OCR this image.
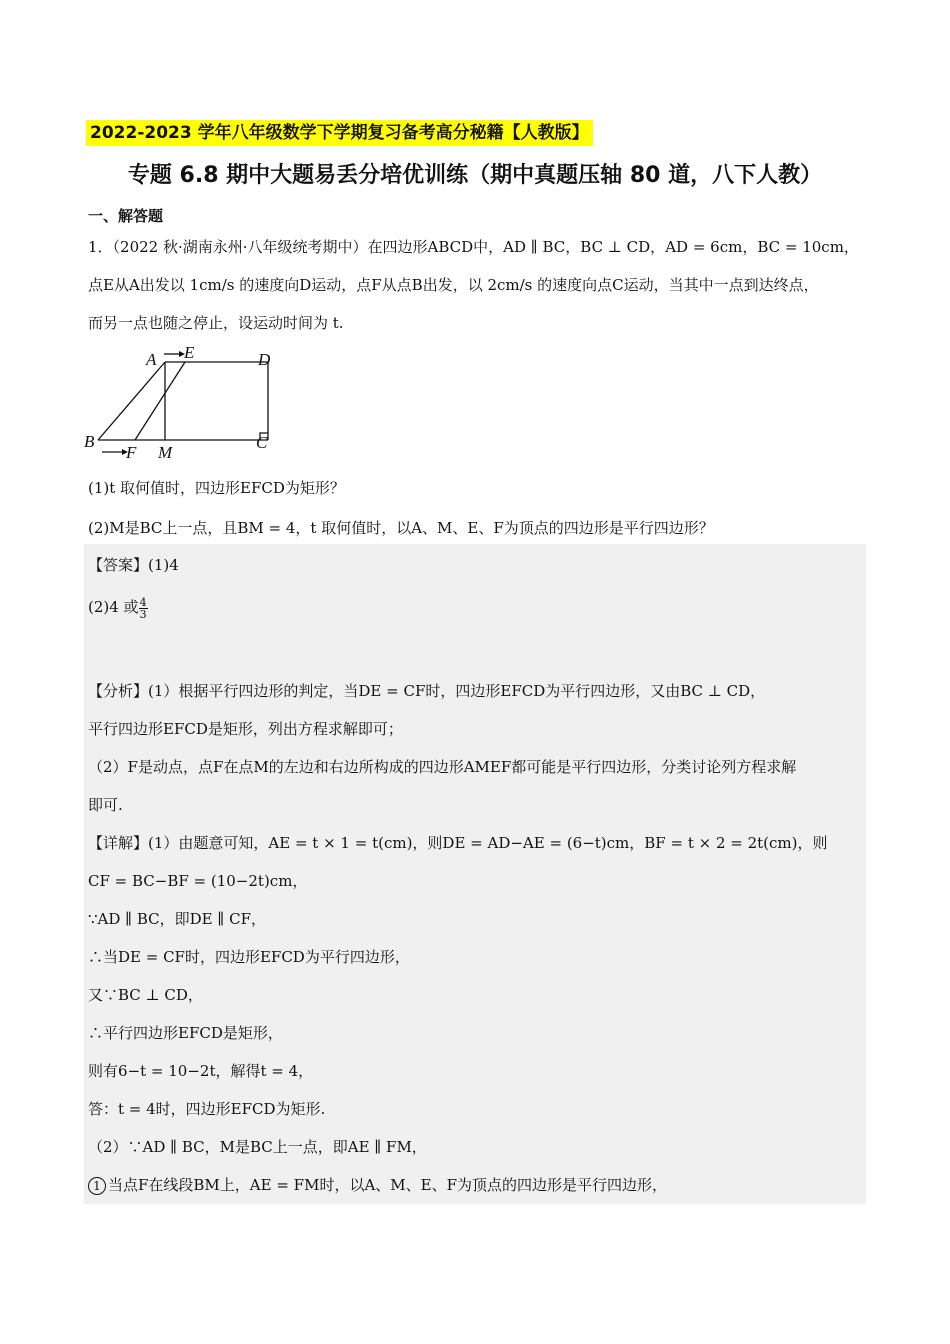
2022-2023 学年八年级数学下学期复习备考高分秘籍【人教版】
专题 6.8 期中大题易丢分培优训练（期中真题压轴 80 道，八下人教）
一、解答题
1．（2022 秋·湖南永州·八年级统考期中）在四边形ABCD中，AD ∥ BC，BC ⊥ CD，AD = 6cm，BC = 10cm，
点E从A出发以 1cm/s 的速度向D运动，点F从点B出发，以 2cm/s 的速度向点C运动，当其中一点到达终点，
而另一点也随之停止，设运动时间为 t.
A E	D
B
F M
C
(1)t 取何值时，四边形EFCD为矩形？
(2)M是BC上一点，且BM = 4，t 取何值时，以A、M、E、F为顶点的四边形是平行四边形？
【答案】(1)4
(2)4 或 $\frac{4}{3}$
【分析】(1）根据平行四边形的判定，当DE = CF时，四边形EFCD为平行四边形，又由BC ⊥ CD，
平行四边形EFCD是矩形，列出方程求解即可；
（2）F是动点，点F在点M的左边和右边所构成的四边形AMEF都可能是平行四边形，分类讨论列方程求解
即可.
【详解】(1）由题意可知，AE = t × 1 = t(cm)，则DE = AD−AE = (6−t)cm，BF = t × 2 = 2t(cm)，则
CF = BC−BF = (10−2t)cm，
∵AD ∥ BC，即DE ∥ CF，
∴当DE = CF时，四边形EFCD为平行四边形，
又∵BC ⊥ CD，
∴平行四边形EFCD是矩形，
则有6−t = 10−2t，解得t = 4，
答：t = 4时，四边形EFCD为矩形.
（2）∵AD ∥ BC，M是BC上一点，即AE ∥ FM，
1 当点F在线段BM上，AE = FM时，以A、M、E、F为顶点的四边形是平行四边形，
